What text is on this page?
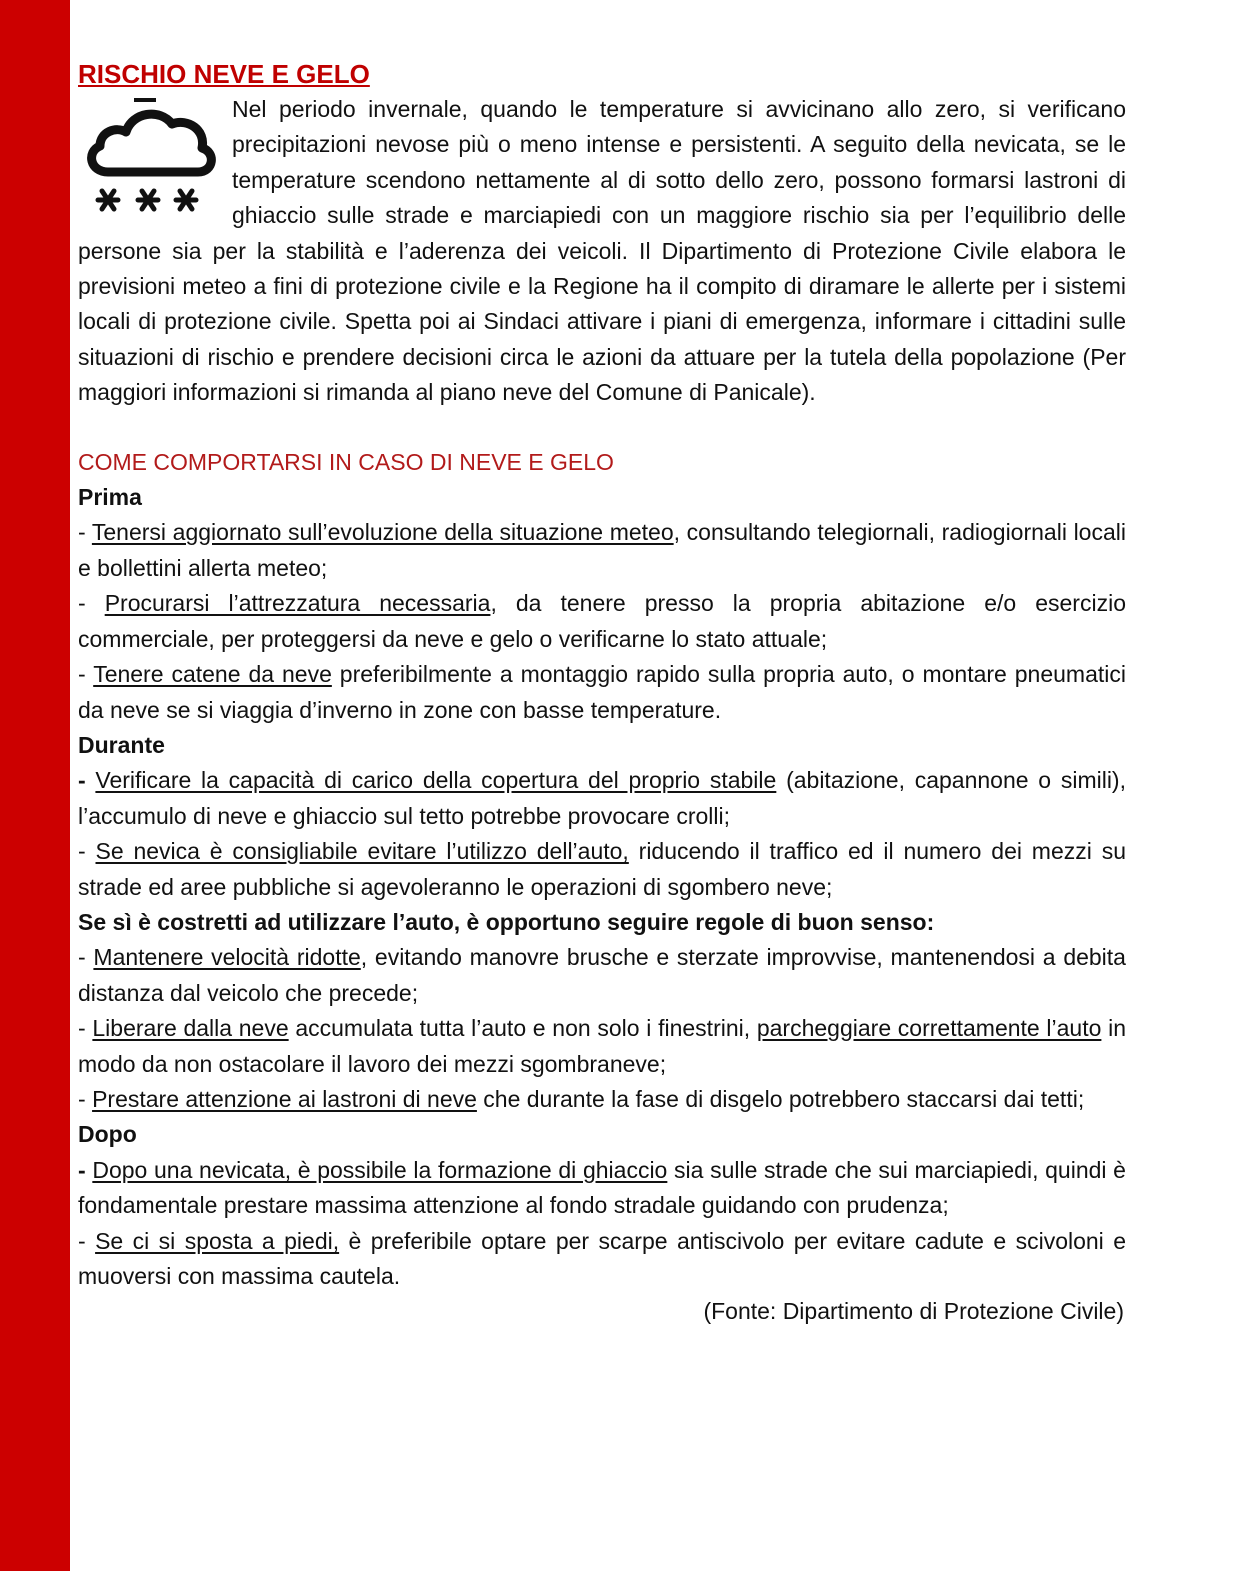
RISCHIO NEVE E GELO

Nel periodo invernale, quando le temperature si avvicinano allo zero, si verificano precipitazioni nevose più o meno intense e persistenti. A seguito della nevicata, se le temperature scendono nettamente al di sotto dello zero, possono formarsi lastroni di ghiaccio sulle strade e marciapiedi con un maggiore rischio sia per l’equilibrio delle persone sia per la stabilità e l’aderenza dei veicoli. Il Dipartimento di Protezione Civile elabora le previsioni meteo a fini di protezione civile e la Regione ha il compito di diramare le allerte per i sistemi locali di protezione civile. Spetta poi ai Sindaci attivare i piani di emergenza, informare i cittadini sulle situazioni di rischio e prendere decisioni circa le azioni da attuare per la tutela della popolazione (Per maggiori informazioni si rimanda al piano neve del Comune di Panicale).

COME COMPORTARSI IN CASO DI NEVE E GELO

Prima

- Tenersi aggiornato sull’evoluzione della situazione meteo, consultando telegiornali, radiogiornali locali e bollettini allerta meteo;

- Procurarsi l’attrezzatura necessaria, da tenere presso la propria abitazione e/o esercizio commerciale, per proteggersi da neve e gelo o verificarne lo stato attuale;

- Tenere catene da neve preferibilmente a montaggio rapido sulla propria auto, o montare pneumatici da neve se si viaggia d’inverno in zone con basse temperature.

Durante

- Verificare la capacità di carico della copertura del proprio stabile (abitazione, capannone o simili), l’accumulo di neve e ghiaccio sul tetto potrebbe provocare crolli;

- Se nevica è consigliabile evitare l’utilizzo dell’auto, riducendo il traffico ed il numero dei mezzi su strade ed aree pubbliche si agevoleranno le operazioni di sgombero neve;

Se sì è costretti ad utilizzare l’auto, è opportuno seguire regole di buon senso:

- Mantenere velocità ridotte, evitando manovre brusche e sterzate improvvise, mantenendosi a debita distanza dal veicolo che precede;

- Liberare dalla neve accumulata tutta l’auto e non solo i finestrini, parcheggiare correttamente l’auto in modo da non ostacolare il lavoro dei mezzi sgombraneve;

- Prestare attenzione ai lastroni di neve che durante la fase di disgelo potrebbero staccarsi dai tetti;

Dopo

- Dopo una nevicata, è possibile la formazione di ghiaccio sia sulle strade che sui marciapiedi, quindi è fondamentale prestare massima attenzione al fondo stradale guidando con prudenza;

- Se ci si sposta a piedi, è preferibile optare per scarpe antiscivolo per evitare cadute e scivoloni e muoversi con massima cautela.

(Fonte: Dipartimento di Protezione Civile)
